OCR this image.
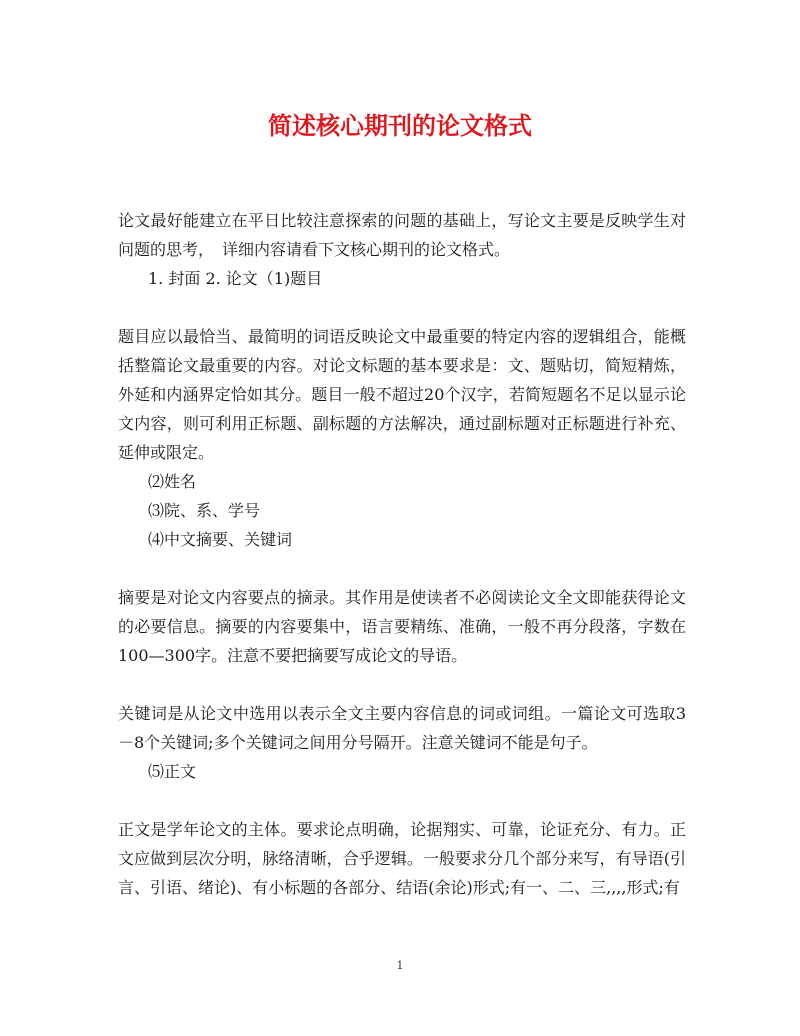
简述核心期刊的论文格式

论文最好能建立在平日比较注意探索的问题的基础上，写论文主要是反映学生对问题的思考，　详细内容请看下文核心期刊的论文格式。

1. 封面 2. 论文（1)题目

题目应以最恰当、最简明的词语反映论文中最重要的特定内容的逻辑组合，能概括整篇论文最重要的内容。对论文标题的基本要求是：文、题贴切，简短精炼，外延和内涵界定恰如其分。题目一般不超过20个汉字，若简短题名不足以显示论文内容，则可利用正标题、副标题的方法解决，通过副标题对正标题进行补充、延伸或限定。

⑵姓名

⑶院、系、学号

⑷中文摘要、关键词

摘要是对论文内容要点的摘录。其作用是使读者不必阅读论文全文即能获得论文的必要信息。摘要的内容要集中，语言要精练、准确，一般不再分段落，字数在100—300字。注意不要把摘要写成论文的导语。

关键词是从论文中选用以表示全文主要内容信息的词或词组。一篇论文可选取3 －8个关键词;多个关键词之间用分号隔开。注意关键词不能是句子。

⑸正文

正文是学年论文的主体。要求论点明确，论据翔实、可靠，论证充分、有力。正文应做到层次分明，脉络清晰，合乎逻辑。一般要求分几个部分来写，有导语(引言、引语、绪论)、有小标题的各部分、结语(余论)形式;有一、二、三,,,,形式;有

1
